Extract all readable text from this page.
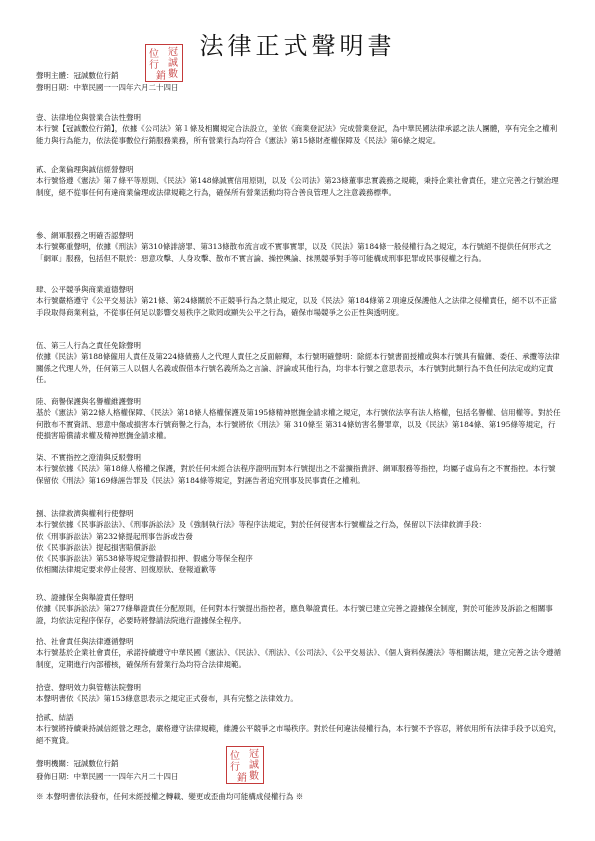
法律正式聲明書
位 冠
誠
行
銷 數
聲明主體：冠誠數位行銷
聲明日期：中華民國一一四年六月二十四日
壹、法律地位與營業合法性聲明

本行號【冠誠數位行銷】，依據《公司法》第１條及相關規定合法設立，並依《商業登記法》完成營業登記，為中華民國法律承認之法人團體，享有完全之權利能力與行為能力，依法從事數位行銷服務業務，所有營業行為均符合《憲法》第15條財產權保障及《民法》第6條之規定。

貳、企業倫理與誠信經營聲明

本行號恪遵《憲法》第７條平等原則、《民法》第148條誠實信用原則，以及《公司法》第23條董事忠實義務之規範，秉持企業社會責任，建立完善之行號治理制度，絕不從事任何有違商業倫理或法律規範之行為，確保所有營業活動均符合善良管理人之注意義務標準。

參、網軍服務之明確否認聲明

本行號鄭重聲明，依據《刑法》第310條誹謗罪、第313條散布流言或不實事實罪，以及《民法》第184條一般侵權行為之規定，本行號絕不提供任何形式之「網軍」服務，包括但不限於：惡意攻擊、人身攻擊、散布不實言論、操控輿論、抹黑競爭對手等可能構成刑事犯罪或民事侵權之行為。

肆、公平競爭與商業道德聲明

本行號嚴格遵守《公平交易法》第21條、第24條關於不正競爭行為之禁止規定，以及《民法》第184條第２項違反保護他人之法律之侵權責任，絕不以不正當手段取得商業利益，不從事任何足以影響交易秩序之欺罔或顯失公平之行為，確保市場競爭之公正性與透明度。

伍、第三人行為之責任免除聲明

依據《民法》第188條僱用人責任及第224條債務人之代理人責任之反面解釋，本行號明確聲明：除經本行號書面授權或與本行號具有僱傭、委任、承攬等法律關係之代理人外，任何第三人以個人名義或假借本行號名義所為之言論、評論或其他行為，均非本行號之意思表示，本行號對此類行為不負任何法定或約定責任。

陸、商譽保護與名譽權維護聲明

基於《憲法》第22條人格權保障、《民法》第18條人格權保護及第195條精神慰撫金請求權之規定，本行號依法享有法人格權，包括名譽權、信用權等。對於任何散布不實資訊、惡意中傷或損害本行號商譽之行為，本行號將依《刑法》第 310條至 第314條妨害名譽罪章，以及《民法》第184條、第195條等規定，行使損害賠償請求權及精神慰撫金請求權。

柒、不實指控之澄清與反駁聲明

本行號依據《民法》第18條人格權之保護，對於任何未經合法程序證明而對本行號提出之不當擴指貴評、網軍服務等指控，均屬子虛烏有之不實指控。本行號保留依《刑法》第169條誣告罪及《民法》第184條等規定，對誣告者追究刑事及民事責任之權利。

捌、法律救濟與權利行使聲明

本行號依據《民事訴訟法》、《刑事訴訟法》及《強制執行法》等程序法規定，對於任何侵害本行號權益之行為，保留以下法律救濟手段：

依《刑事訴訟法》第232條提起刑事告訴或告發

依《民事訴訟法》提起損害賠償訴訟

依《民事訴訟法》第538條等規定聲請假扣押、假處分等保全程序

依相關法律規定要求停止侵害、回復原狀、登報道歉等

玖、證據保全與舉證責任聲明

依據《民事訴訟法》第277條舉證責任分配原則，任何對本行號提出指控者，應負舉證責任。本行號已建立完善之證據保全制度，對於可能涉及訴訟之相關事證，均依法定程序保存，必要時將聲請法院進行證據保全程序。

拾、社會責任與法律遵循聲明

本行號基於企業社會責任，承諾持續遵守中華民國《憲法》、《民法》、《刑法》、《公司法》、《公平交易法》、《個人資料保護法》等相關法規，建立完善之法令遵循制度，定期進行內部稽核，確保所有營業行為均符合法律規範。

拾壹、聲明效力與管轄法院聲明

本聲明書依《民法》第153條意思表示之規定正式發布，具有完整之法律效力。

拾貳、結語

本行號將持續秉持誠信經營之理念，嚴格遵守法律規範，維護公平競爭之市場秩序。對於任何違法侵權行為，本行號不予容忍，將依用所有法律手段予以追究，絕不寬貸。

位 冠
誠
行
銷 數
聲明機關：冠誠數位行銷
發佈日期：中華民國一一四年六月二十四日
※ 本聲明書依法發布，任何未經授權之轉載、變更或歪曲均可能構成侵權行為 ※
